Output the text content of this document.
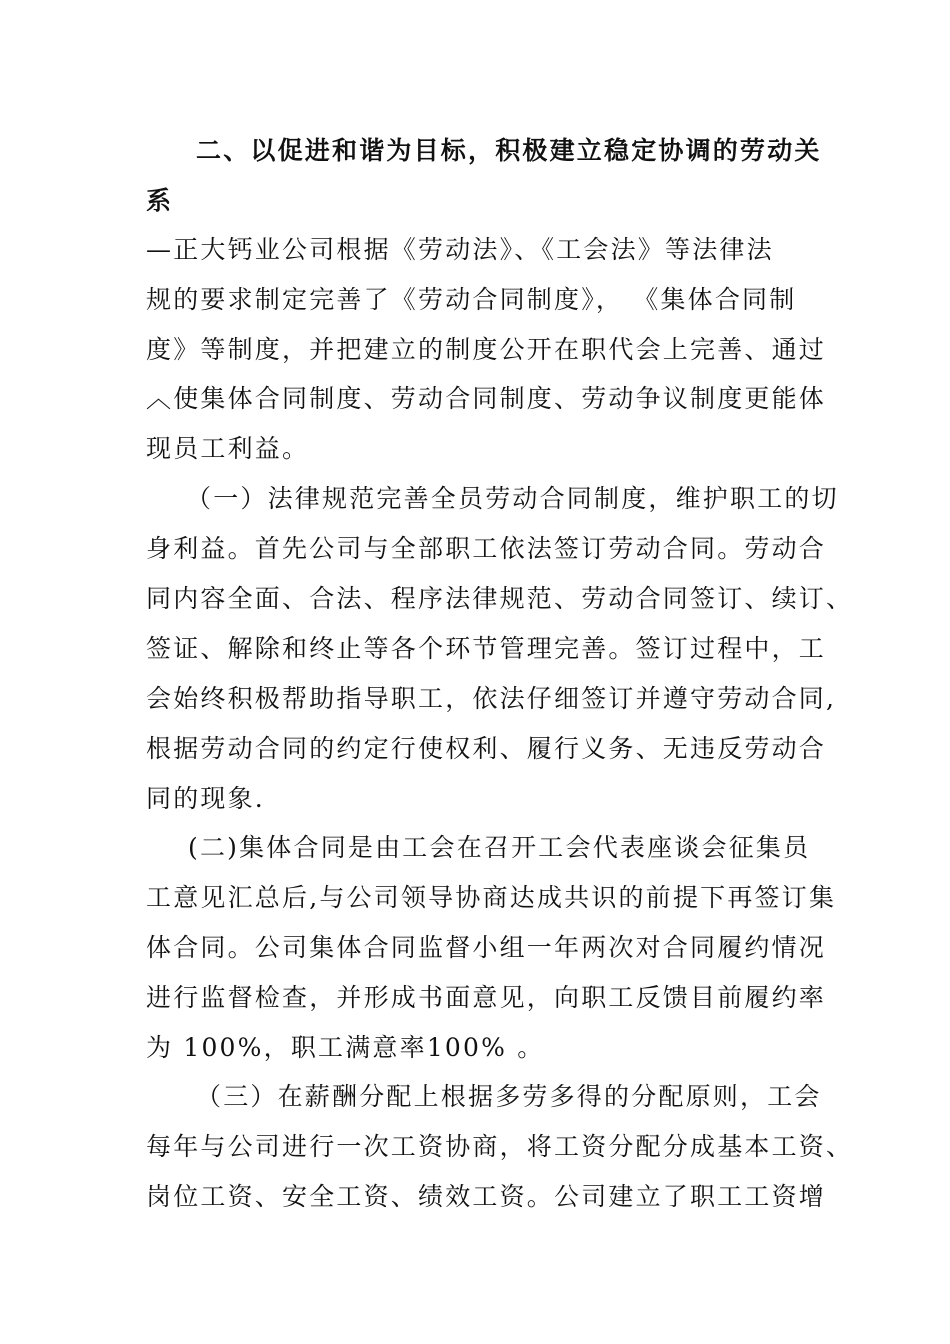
二、以促进和谐为目标，积极建立稳定协调的劳动关
系
—正大钙业公司根据《劳动法》、《工会法》等法律法
规的要求制定完善了《劳动合同制度》， 《集体合同制
度》等制度，并把建立的制度公开在职代会上完善、通过
︿使集体合同制度、劳动合同制度、劳动争议制度更能体
现员工利益。
（一）法律规范完善全员劳动合同制度，维护职工的切
身利益。首先公司与全部职工依法签订劳动合同。劳动合
同内容全面、合法、程序法律规范、劳动合同签订、续订、
签证、解除和终止等各个环节管理完善。签订过程中，工
会始终积极帮助指导职工，依法仔细签订并遵守劳动合同,
根据劳动合同的约定行使权利、履行义务、无违反劳动合
同的现象.
(二)集体合同是由工会在召开工会代表座谈会征集员
工意见汇总后,与公司领导协商达成共识的前提下再签订集
体合同。公司集体合同监督小组一年两次对合同履约情况
进行监督检查，并形成书面意见，向职工反馈目前履约率
为 100%，职工满意率100% 。
（三）在薪酬分配上根据多劳多得的分配原则，工会
每年与公司进行一次工资协商，将工资分配分成基本工资、
岗位工资、安全工资、绩效工资。公司建立了职工工资增
